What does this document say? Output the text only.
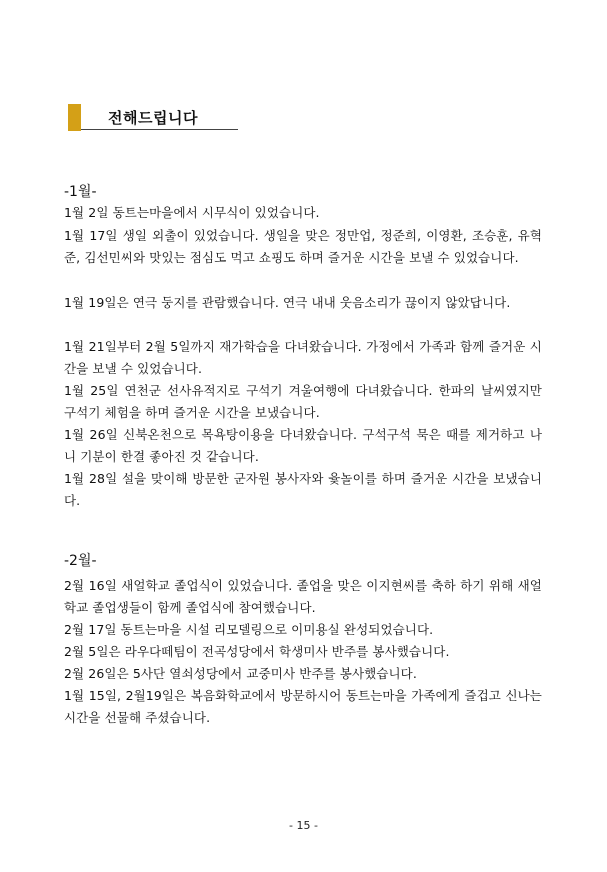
전해드립니다
-1월-
1월 2일 동트는마을에서 시무식이 있었습니다.
1월 17일 생일 외출이 있었습니다. 생일을 맞은 정만업, 정준희, 이영환, 조승훈, 유혁준, 김선민씨와 맛있는 점심도 먹고 쇼핑도 하며 즐거운 시간을 보낼 수 있었습니다.
1월 19일은 연극 둥지를 관람했습니다. 연극 내내 웃음소리가 끊이지 않았답니다.
1월 21일부터 2월 5일까지 재가학습을 다녀왔습니다. 가정에서 가족과 함께 즐거운 시간을 보낼 수 있었습니다.
1월 25일 연천군 선사유적지로 구석기 겨울여행에 다녀왔습니다. 한파의 날씨였지만 구석기 체험을 하며 즐거운 시간을 보냈습니다.
1월 26일 신북온천으로 목욕탕이용을 다녀왔습니다. 구석구석 묵은 때를 제거하고 나니 기분이 한결 좋아진 것 같습니다.
1월 28일 설을 맞이해 방문한 군자원 봉사자와 윷놀이를 하며 즐거운 시간을 보냈습니다.
-2월-
2월 16일 새얼학교 졸업식이 있었습니다. 졸업을 맞은 이지현씨를 축하 하기 위해 새얼학교 졸업생들이 함께 졸업식에 참여했습니다.
2월 17일 동트는마을 시설 리모델링으로 이미용실 완성되었습니다.
2월 5일은 라우다떼팀이 전곡성당에서 학생미사 반주를 봉사했습니다.
2월 26일은 5사단 열쇠성당에서 교중미사 반주를 봉사했습니다.
1월 15일, 2월19일은 복음화학교에서 방문하시어 동트는마을 가족에게 즐겁고 신나는 시간을 선물해 주셨습니다.
- 15 -
